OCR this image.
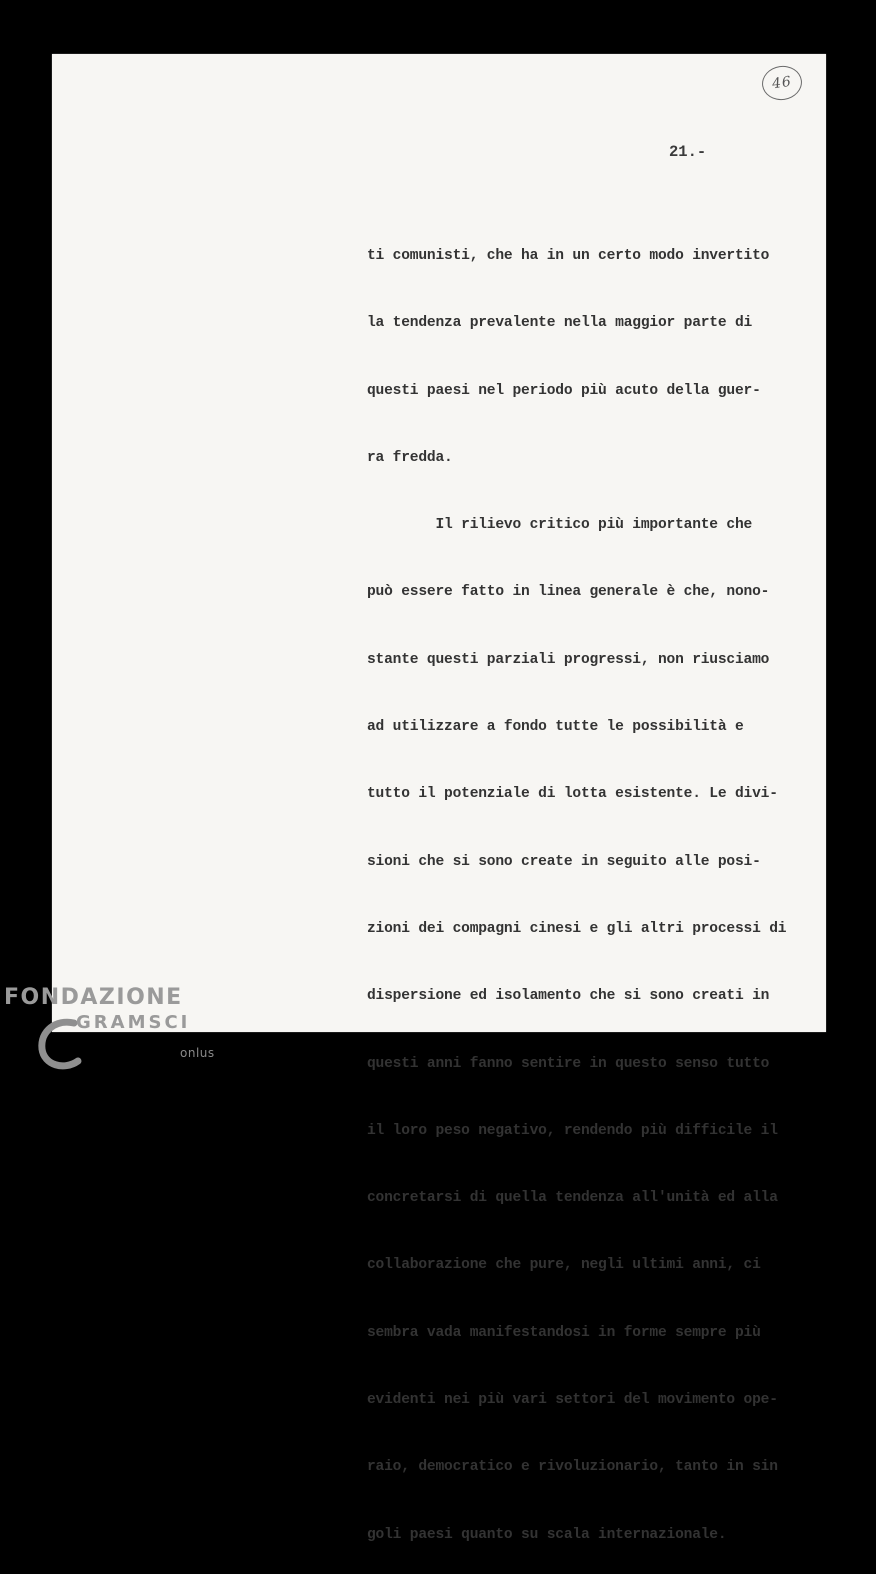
46
21.-

ti comunisti, che ha in un certo modo invertito

la tendenza prevalente nella maggior parte di

questi paesi nel periodo più acuto della guer-

ra fredda.

Il rilievo critico più importante che

può essere fatto in linea generale è che, nono-

stante questi parziali progressi, non riusciamo

ad utilizzare a fondo tutte le possibilità e

tutto il potenziale di lotta esistente. Le divi-

sioni che si sono create in seguito alle posi-

zioni dei compagni cinesi e gli altri processi di

dispersione ed isolamento che si sono creati in

questi anni fanno sentire in questo senso tutto

il loro peso negativo, rendendo più difficile il

concretarsi di quella tendenza all'unità ed alla

collaborazione che pure, negli ultimi anni, ci

sembra vada manifestandosi in forme sempre più

evidenti nei più vari settori del movimento ope-

raio, democratico e rivoluzionario, tanto in sin

goli paesi quanto su scala internazionale.

FONDAZIONE
GRAMSCI
onlus
